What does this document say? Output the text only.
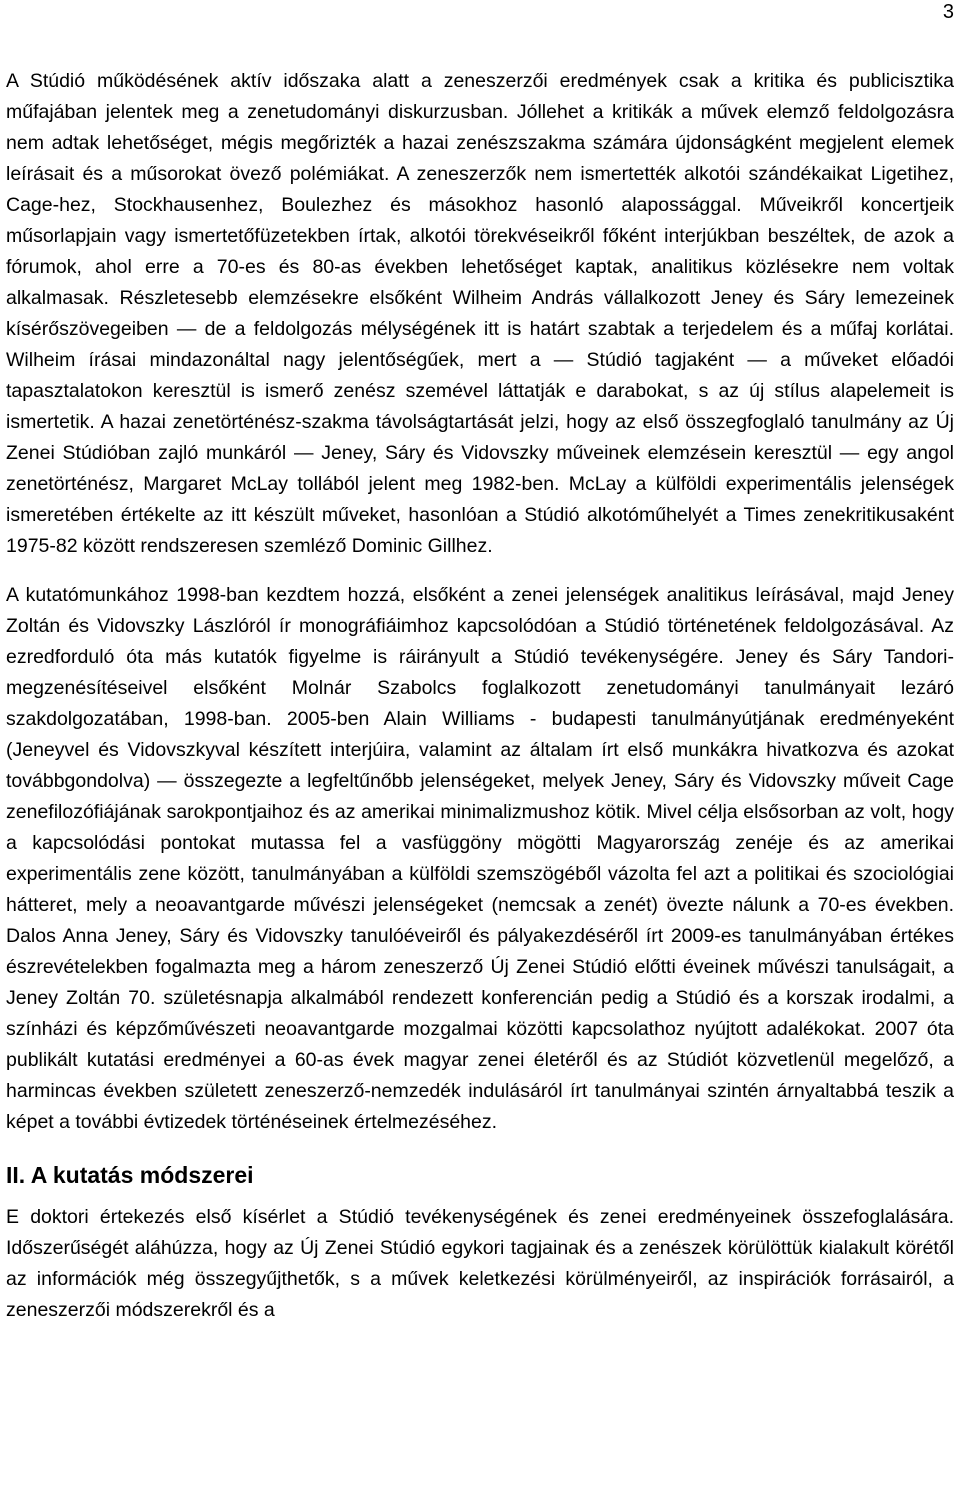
3

A Stúdió működésének aktív időszaka alatt a zeneszerzői eredmények csak a kritika és publicisztika műfajában jelentek meg a zenetudományi diskurzusban. Jóllehet a kritikák a művek elemző feldolgozásra nem adtak lehetőséget, mégis megőrizték a hazai zenészszakma számára újdonságként megjelent elemek leírásait és a műsorokat övező polémiákat. A zeneszerzők nem ismertették alkotói szándékaikat Ligetihez, Cage-hez, Stockhausenhez, Boulezhez és másokhoz hasonló alapossággal. Műveikről koncertjeik műsorlapjain vagy ismertetőfüzetekben írtak, alkotói törekvéseikről főként interjúkban beszéltek, de azok a fórumok, ahol erre a 70-es és 80-as években lehetőséget kaptak, analitikus közlésekre nem voltak alkalmasak. Részletesebb elemzésekre elsőként Wilheim András vállalkozott Jeney és Sáry lemezeinek kísérőszövegeiben — de a feldolgozás mélységének itt is határt szabtak a terjedelem és a műfaj korlátai. Wilheim írásai mindazonáltal nagy jelentőségűek, mert a — Stúdió tagjaként — a műveket előadói tapasztalatokon keresztül is ismerő zenész szemével láttatják e darabokat, s az új stílus alapelemeit is ismertetik. A hazai zenetörténész-szakma távolságtartását jelzi, hogy az első összegfoglaló tanulmány az Új Zenei Stúdióban zajló munkáról — Jeney, Sáry és Vidovszky műveinek elemzésein keresztül — egy angol zenetörténész, Margaret McLay tollából jelent meg 1982-ben. McLay a külföldi experimentális jelenségek ismeretében értékelte az itt készült műveket, hasonlóan a Stúdió alkotóműhelyét a Times zenekritikusaként 1975-82 között rendszeresen szemléző Dominic Gillhez.

A kutatómunkához 1998-ban kezdtem hozzá, elsőként a zenei jelenségek analitikus leírásával, majd Jeney Zoltán és Vidovszky Lászlóról ír monográfiáimhoz kapcsolódóan a Stúdió történetének feldolgozásával. Az ezredforduló óta más kutatók figyelme is ráirányult a Stúdió tevékenységére. Jeney és Sáry Tandori-megzenésítéseivel elsőként Molnár Szabolcs foglalkozott zenetudományi tanulmányait lezáró szakdolgozatában, 1998-ban. 2005-ben Alain Williams - budapesti tanulmányútjának eredményeként (Jeneyvel és Vidovszkyval készített interjúira, valamint az általam írt első munkákra hivatkozva és azokat továbbgondolva) — összegezte a legfeltűnőbb jelenségeket, melyek Jeney, Sáry és Vidovszky műveit Cage zenefilozófiájának sarokpontjaihoz és az amerikai minimalizmushoz kötik. Mivel célja elsősorban az volt, hogy a kapcsolódási pontokat mutassa fel a vasfüggöny mögötti Magyarország zenéje és az amerikai experimentális zene között, tanulmányában a külföldi szemszögéből vázolta fel azt a politikai és szociológiai hátteret, mely a neoavantgarde művészi jelenségeket (nemcsak a zenét) övezte nálunk a 70-es években. Dalos Anna Jeney, Sáry és Vidovszky tanulóéveiről és pályakezdéséről írt 2009-es tanulmányában értékes észrevételekben fogalmazta meg a három zeneszerző Új Zenei Stúdió előtti éveinek művészi tanulságait, a Jeney Zoltán 70. születésnapja alkalmából rendezett konferencián pedig a Stúdió és a korszak irodalmi, a színházi és képzőművészeti neoavantgarde mozgalmai közötti kapcsolathoz nyújtott adalékokat. 2007 óta publikált kutatási eredményei a 60-as évek magyar zenei életéről és az Stúdiót közvetlenül megelőző, a harmincas években született zeneszerző-nemzedék indulásáról írt tanulmányai szintén árnyaltabbá teszik a képet a további évtizedek történéseinek értelmezéséhez.

II. A kutatás módszerei

E doktori értekezés első kísérlet a Stúdió tevékenységének és zenei eredményeinek összefoglalására. Időszerűségét aláhúzza, hogy az Új Zenei Stúdió egykori tagjainak és a zenészek körülöttük kialakult körétől az információk még összegyűjthetők, s a művek keletkezési körülményeiről, az inspirációk forrásairól, a zeneszerzői módszerekről és a
